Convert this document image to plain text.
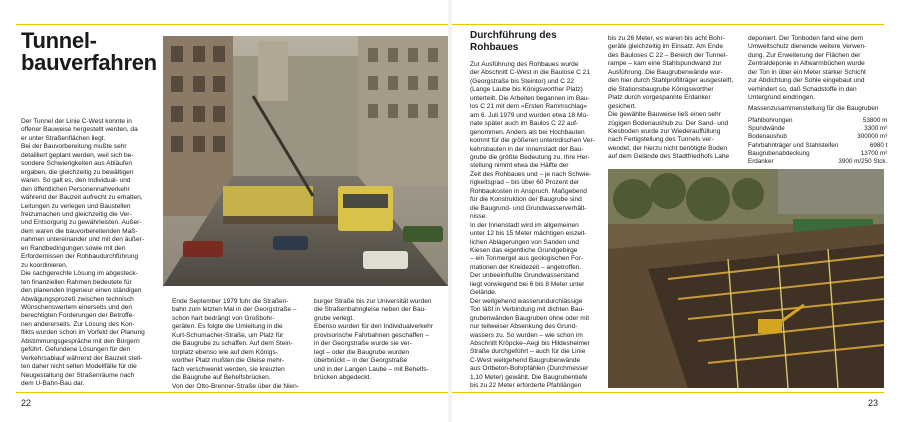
Tunnel-
bauverfahren

Der Tunnel der Linie C-West konnte in
offener Bauweise hergestellt werden, da
er unter Straßenflächen liegt.

Bei der Bauvorbereitung mußte sehr
detailliert geplant werden, weil sich be-
sondere Schwierigkeiten aus Abläufen
ergaben, die gleichzeitig zu bewältigen
waren. So galt es, den Individual- und
den öffentlichen Personennahverkehr
während der Bauzeit aufrecht zu erhalten,
Leitungen zu verlegen und Baustellen
freizumachen und gleichzeitig die Ver-
und Entsorgung zu gewährleisten. Außer-
dem waren die bauvorbereitenden Maß-
nahmen untereinander und mit den äußer-
en Randbedingungen sowie mit den
Erfordernissen der Rohbaudurchführung
zu koordinieren.

Die sachgerechte Lösung im abgesteck-
ten finanziellen Rahmen bedeutete für
den planenden Ingenieur einen ständigen
Abwägungsprozeß zwischen technisch
Wünschenswertem einerseits und den
berechtigten Forderungen der Betroffe-
nen andererseits. Zur Lösung des Kon-
flikts wurden schon im Vorfeld der Planung
Abstimmungsgespräche mit den Bürgern
geführt. Gefundene Lösungen für den
Verkehrsablauf während der Bauzeit stell-
ten daher nicht selten Modellfälle für die
Neugestaltung der Straßenräume nach
dem U-Bahn-Bau dar.

Ende September 1979 fuhr die Straßen-
bahn zum letzten Mal in der Georgstraße –
schon hart bedrängt von Großbohr-
geräten. Es folgte die Umleitung in die
Kurt-Schumacher-Straße, um Platz für
die Baugrube zu schaffen. Auf dem Stein-
torplatz ebenso wie auf dem Königs-
worther Platz mußten die Gleise mehr-
fach verschwenkt werden, sie kreuzten
die Baugrube auf Behelfsbrücken.
Von der Otto-Brenner-Straße über die Nien-
burger Straße bis zur Universität wurden
die Straßenbahngleise neben der Bau-
grube verlegt.
Ebenso wurden für den Individualverkehr
provisorische Fahrbahnen geschaffen –
in der Georgstraße wurde sie ver-
legt – oder die Baugrube wurden
überbrückt – in der Georgstraße
und in der Langen Laube – mit Behelfs-
brücken abgedeckt.
22
Durchführung des
Rohbaues

Zur Ausführung des Rohbaues wurde
der Abschnitt C-West in die Baulose C 21
(Georgstraße bis Steintor) und C 22
(Lange Laube bis Königsworther Platz)
unterteilt. Die Arbeiten begannen im Bau-
los C 21 mit dem »Ersten Rammschlag«
am 6. Juli 1979 und wurden etwa 18 Mo-
nate später auch im Baulos C 22 auf-
genommen. Anders als bei Hochbauten
kommt für die größeren unterirdischen Ver-
kehrsbauten in der Innenstadt der Bau-
grube die größte Bedeutung zu. Ihre Her-
stellung nimmt etwa die Hälfte der
Zeit des Rohbaues und – je nach Schwie-
rigkeitsgrad – bis über 60 Prozent der
Rohbaukosten in Anspruch. Maßgebend
für die Konstruktion der Baugrube sind
die Baugrund- und Grundwasserverhält-
nisse.

In der Innenstadt wird im allgemeinen
unter 12 bis 15 Meter mächtigen eiszeit-
lichen Ablagerungen von Sanden und
Kiesen das eigentliche Grundgebirge
– ein Tonmergel aus geologischen For-
mationen der Kreidezeit – angetroffen.
Der unbeeinflußte Grundwasserstand
liegt vorwiegend bei 6 bis 8 Meter unter
Gelände.

Der weitgehend wasserundurchlässige
Ton läßt in Verbindung mit dichten Bau-
grubenwänden Baugruben ohne oder mit
nur teilweiser Absenkung des Grund-
wassers zu. So wurden – wie schon im
Abschnitt Kröpcke–Aegi bis Hildesheimer
Straße durchgeführt – auch für die Linie
C-West weitgehend Baugrubenwände
aus Ortbeton-Bohrpfählen (Durchmesser
1,10 Meter) gewählt. Die Baugrubentiefe
bis zu 22 Meter erforderte Pfahllängen

bis zu 26 Meter, es waren bis acht Bohr-
geräte gleichzeitig im Einsatz. Am Ende
des Bauloses C 22 – Bereich der Tunnel-
rampe – kam eine Stahlspundwand zur
Ausführung. Die Baugrubenwände wur-
den hier durch Stahlprofilträger ausgesteift,
die Stationsbaugrube Königsworther
Platz durch vorgespannte Erdanker
gesichert.
Die gewählte Bauweise ließ einen sehr
zügigen Bodenaushub zu. Der Sand- und
Kiesboden wurde zur Wiederauffüllung
nach Fertigstellung des Tunnels ver-
wendet, der hierzu nicht benötigte Boden
auf dem Gelände des Stadtfriedhofs Lahe
deponiert. Der Tonboden fand eine dem
Umweltschutz dienende weitere Verwen-
dung. Zur Erweiterung der Flächen der
Zentraldeponie in Altwarmbüchen wurde
der Ton in über ein Meter starker Schicht
zur Abdichtung der Sohle eingebaut und
verhindert so, daß Schadstoffe in den
Untergrund eindringen.
Massenzusammenstellung für die Baugruben
Pfahlbohrungen	53800 m
Spundwände	3300 m²
Bodenaushub	300000 m³
Fahrbahnträger und Stahlsteifen	6980 t
Baugrubenabdeckung	13700 m²
Erdanker	3900 m/250 Stck.
23
